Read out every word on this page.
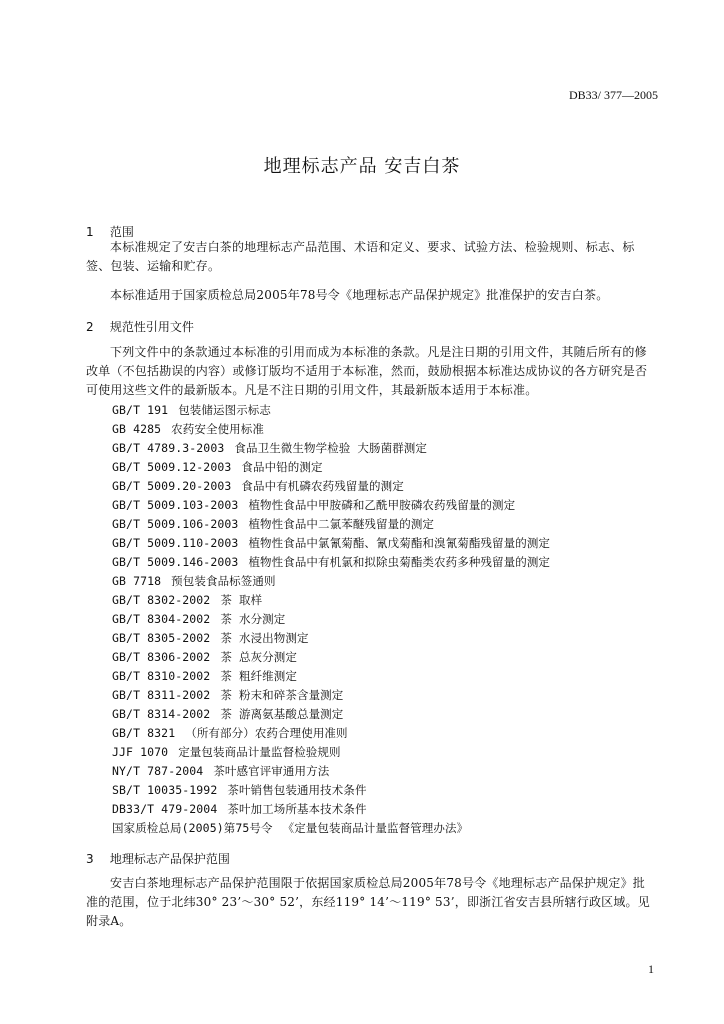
DB33/ 377—2005
地理标志产品 安吉白茶
1 范围

本标准规定了安吉白茶的地理标志产品范围、术语和定义、要求、试验方法、检验规则、标志、标签、包装、运输和贮存。

本标准适用于国家质检总局2005年78号令《地理标志产品保护规定》批准保护的安吉白茶。

2 规范性引用文件

下列文件中的条款通过本标准的引用而成为本标准的条款。凡是注日期的引用文件，其随后所有的修改单（不包括勘误的内容）或修订版均不适用于本标准，然而，鼓励根据本标准达成协议的各方研究是否可使用这些文件的最新版本。凡是不注日期的引用文件，其最新版本适用于本标准。

GB/T 191 包装储运图示标志
GB 4285 农药安全使用标准
GB/T 4789.3-2003 食品卫生微生物学检验 大肠菌群测定
GB/T 5009.12-2003 食品中铅的测定
GB/T 5009.20-2003 食品中有机磷农药残留量的测定
GB/T 5009.103-2003 植物性食品中甲胺磷和乙酰甲胺磷农药残留量的测定
GB/T 5009.106-2003 植物性食品中二氯苯醚残留量的测定
GB/T 5009.110-2003 植物性食品中氯氰菊酯、氰戊菊酯和溴氰菊酯残留量的测定
GB/T 5009.146-2003 植物性食品中有机氯和拟除虫菊酯类农药多种残留量的测定
GB 7718 预包装食品标签通则
GB/T 8302-2002 茶 取样
GB/T 8304-2002 茶 水分测定
GB/T 8305-2002 茶 水浸出物测定
GB/T 8306-2002 茶 总灰分测定
GB/T 8310-2002 茶 粗纤维测定
GB/T 8311-2002 茶 粉末和碎茶含量测定
GB/T 8314-2002 茶 游离氨基酸总量测定
GB/T 8321 （所有部分）农药合理使用准则
JJF 1070 定量包装商品计量监督检验规则
NY/T 787-2004 茶叶感官评审通用方法
SB/T 10035-1992 茶叶销售包装通用技术条件
DB33/T 479-2004 茶叶加工场所基本技术条件
国家质检总局(2005)第75号令 《定量包装商品计量监督管理办法》
3 地理标志产品保护范围

安吉白茶地理标志产品保护范围限于依据国家质检总局2005年78号令《地理标志产品保护规定》批准的范围，位于北纬30° 23’～30° 52’，东经119° 14’～119° 53’，即浙江省安吉县所辖行政区域。见附录A。

1
